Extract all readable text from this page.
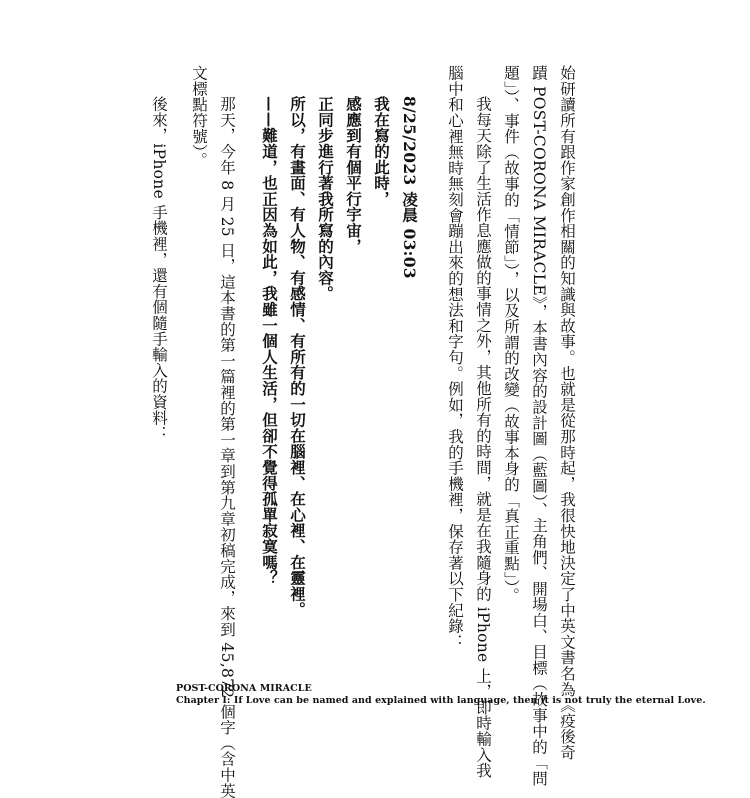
始研讀所有跟作家創作相關的知識與故事。也就是從那時起，我很快地決定了中英文書名為《疫後奇
蹟 POST-CORONA MIRACLE》，本書內容的設計圖（藍圖）、主角們、開場白、目標（故事中的「問
題」）、事件（故事的「情節」），以及所謂的改變（故事本身的「真正重點」）。
我每天除了生活作息應做的事情之外，其他所有的時間，就是在我隨身的 iPhone 上，即時輸入我
腦中和心裡無時無刻會蹦出來的想法和字句。例如，我的手機裡，保存著以下紀錄：
8/25/2023 凌晨 03:03
我在寫的此時，
感應到有個平行宇宙，
正同步進行著我所寫的內容。
所以，有畫面、有人物、有感情、有所有的一切在腦裡、在心裡、在靈裡。
——難道，也正因為如此，我雖一個人生活，但卻不覺得孤單寂寞嗎？
那天，今年 8 月 25 日，這本書的第一篇裡的第一章到第九章初稿完成，來到 45,872 個字（含中英
文標點符號）。
後來，iPhone 手機裡，還有個隨手輸入的資料：
POST-CORONA MIRACLE
Chapter I: If Love can be named and explained with language, then it is not truly the eternal Love.
